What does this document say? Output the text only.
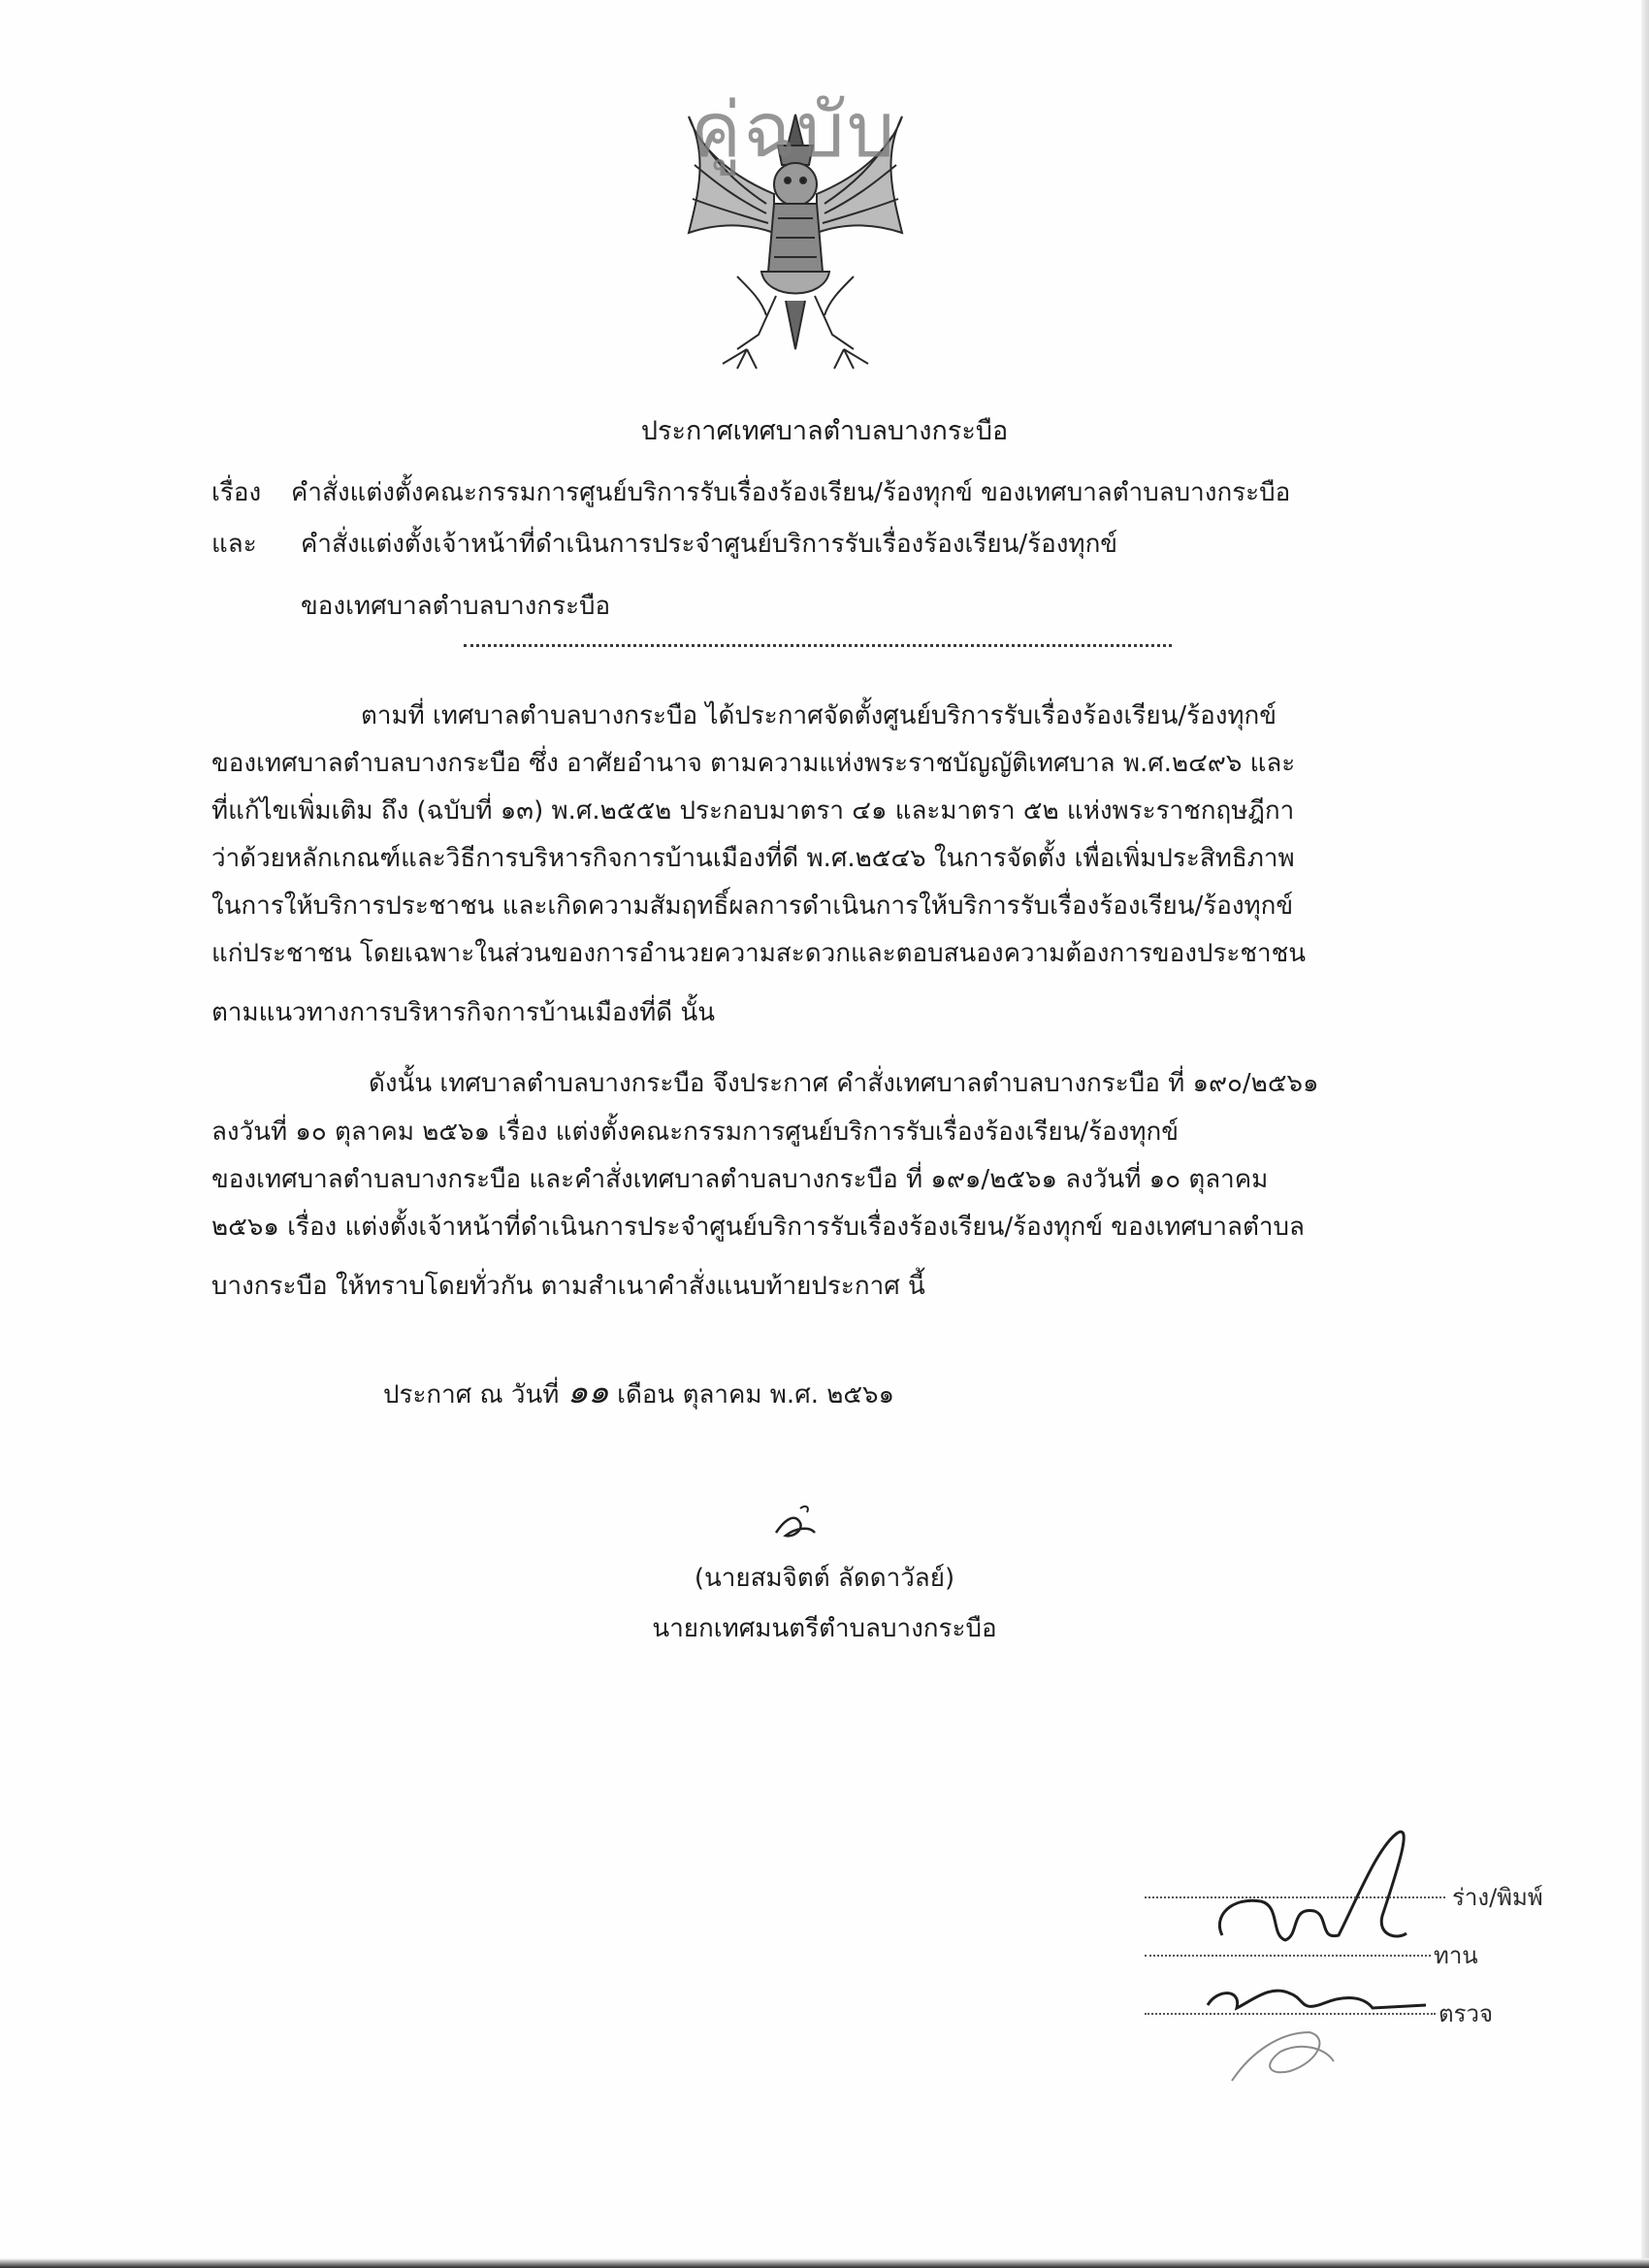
คู่ฉบับ
ประกาศเทศบาลตำบลบางกระบือ
เรื่อง คำสั่งแต่งตั้งคณะกรรมการศูนย์บริการรับเรื่องร้องเรียน/ร้องทุกข์ ของเทศบาลตำบลบางกระบือ
และ คำสั่งแต่งตั้งเจ้าหน้าที่ดำเนินการประจำศูนย์บริการรับเรื่องร้องเรียน/ร้องทุกข์
ของเทศบาลตำบลบางกระบือ
ตามที่ เทศบาลตำบลบางกระบือ ได้ประกาศจัดตั้งศูนย์บริการรับเรื่องร้องเรียน/ร้องทุกข์
ของเทศบาลตำบลบางกระบือ ซึ่ง อาศัยอำนาจ ตามความแห่งพระราชบัญญัติเทศบาล พ.ศ.๒๔๙๖ และ
ที่แก้ไขเพิ่มเติม ถึง (ฉบับที่ ๑๓) พ.ศ.๒๕๕๒ ประกอบมาตรา ๔๑ และมาตรา ๕๒ แห่งพระราชกฤษฎีกา
ว่าด้วยหลักเกณฑ์และวิธีการบริหารกิจการบ้านเมืองที่ดี พ.ศ.๒๕๔๖ ในการจัดตั้ง เพื่อเพิ่มประสิทธิภาพ
ในการให้บริการประชาชน และเกิดความสัมฤทธิ์ผลการดำเนินการให้บริการรับเรื่องร้องเรียน/ร้องทุกข์
แก่ประชาชน โดยเฉพาะในส่วนของการอำนวยความสะดวกและตอบสนองความต้องการของประชาชน
ตามแนวทางการบริหารกิจการบ้านเมืองที่ดี นั้น
ดังนั้น เทศบาลตำบลบางกระบือ จึงประกาศ คำสั่งเทศบาลตำบลบางกระบือ ที่ ๑๙๐/๒๕๖๑
ลงวันที่ ๑๐ ตุลาคม ๒๕๖๑ เรื่อง แต่งตั้งคณะกรรมการศูนย์บริการรับเรื่องร้องเรียน/ร้องทุกข์
ของเทศบาลตำบลบางกระบือ และคำสั่งเทศบาลตำบลบางกระบือ ที่ ๑๙๑/๒๕๖๑ ลงวันที่ ๑๐ ตุลาคม
๒๕๖๑ เรื่อง แต่งตั้งเจ้าหน้าที่ดำเนินการประจำศูนย์บริการรับเรื่องร้องเรียน/ร้องทุกข์ ของเทศบาลตำบล
บางกระบือ ให้ทราบโดยทั่วกัน ตามสำเนาคำสั่งแนบท้ายประกาศ นี้
ประกาศ ณ วันที่ ๑๑ เดือน ตุลาคม พ.ศ. ๒๕๖๑
(นายสมจิตต์ ลัดดาวัลย์)
นายกเทศมนตรีตำบลบางกระบือ
ร่าง/พิมพ์
ทาน
ตรวจ
